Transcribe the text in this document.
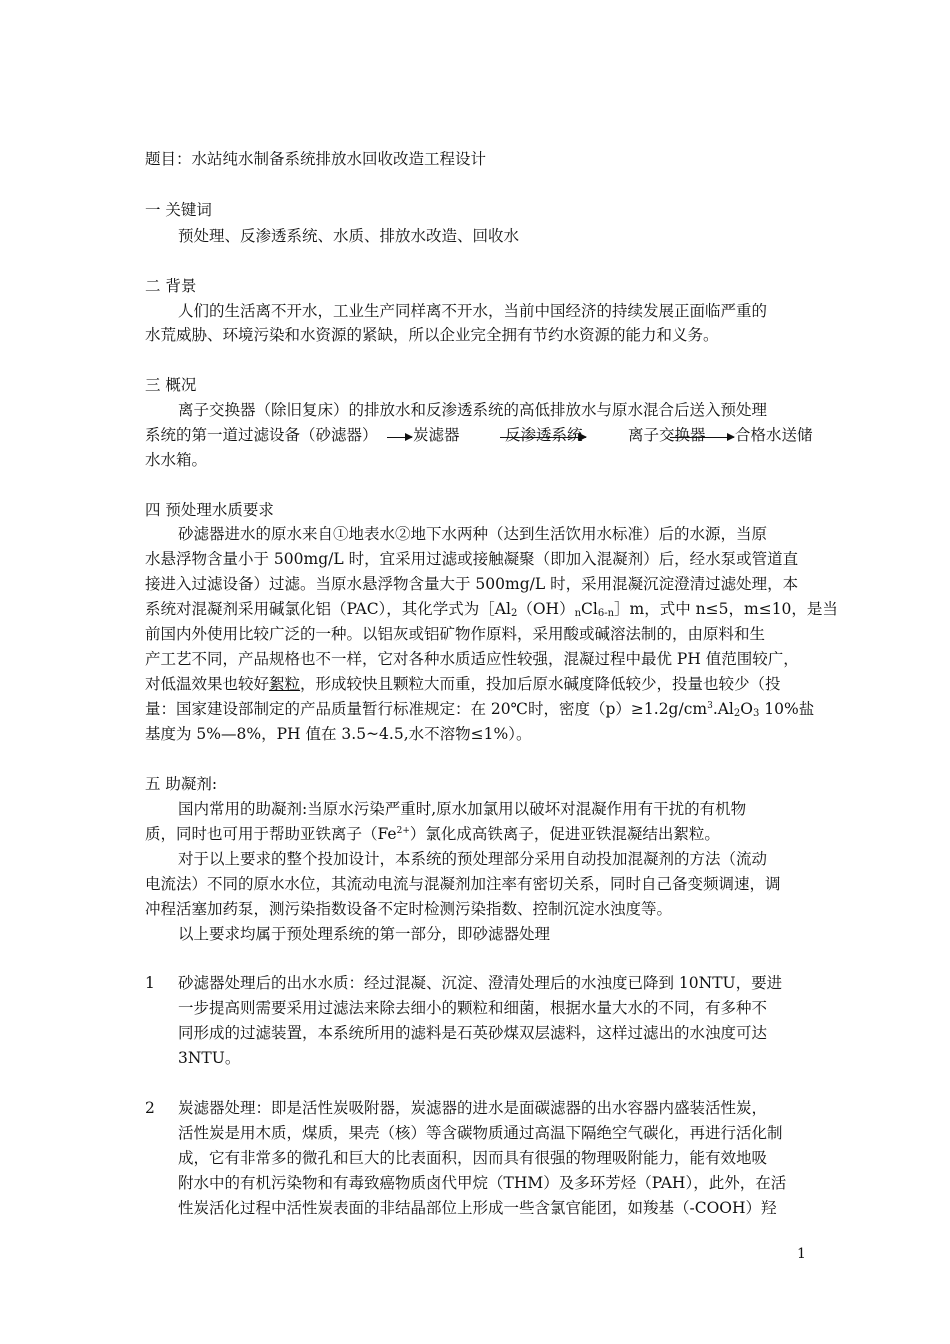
题目：水站纯水制备系统排放水回收改造工程设计
一 关键词
预处理、反渗透系统、水质、排放水改造、回收水
二 背景
人们的生活离不开水，工业生产同样离不开水，当前中国经济的持续发展正面临严重的
水荒威胁、环境污染和水资源的紧缺，所以企业完全拥有节约水资源的能力和义务。
三 概况
离子交换器（除旧复床）的排放水和反渗透系统的高低排放水与原水混合后送入预处理
系统的第一道过滤设备（砂滤器） 炭滤器	反渗透系统	离子交换器 合格水送储
水水箱。
四 预处理水质要求
砂滤器进水的原水来自①地表水②地下水两种（达到生活饮用水标准）后的水源，当原
水悬浮物含量小于 500mg/L 时，宜采用过滤或接触凝聚（即加入混凝剂）后，经水泵或管道直
接进入过滤设备）过滤。当原水悬浮物含量大于 500mg/L 时，采用混凝沉淀澄清过滤处理，本
系统对混凝剂采用碱氯化铝（PAC），其化学式为$[Al_2(OH)_nCl_{6-n}]m$，式中 n≤5，m≤10，是当
前国内外使用比较广泛的一种。以铝灰或铝矿物作原料，采用酸或碱溶法制的，由原料和生
产工艺不同，产品规格也不一样，它对各种水质适应性较强，混凝过程中最优 PH 值范围较广，
对低温效果也较好絮粒，形成较快且颗粒大而重，投加后原水碱度降低较少，投量也较少（投
量：国家建设部制定的产品质量暂行标准规定：在 20℃时，密度$(p)\ge 1.2g/cm^3.Al_2O_3$ 10%盐
基度为 5%—8%，PH 值在 3.5~4.5,水不溶物≤1%）。
五 助凝剂:
国内常用的助凝剂:当原水污染严重时,原水加氯用以破坏对混凝作用有干扰的有机物
质，同时也可用于帮助亚铁离子$(Fe^{2+})$氯化成高铁离子，促进亚铁混凝结出絮粒。
对于以上要求的整个投加设计，本系统的预处理部分采用自动投加混凝剂的方法（流动
电流法）不同的原水水位，其流动电流与混凝剂加注率有密切关系，同时自己备变频调速，调
冲程活塞加药泵，测污染指数设备不定时检测污染指数、控制沉淀水浊度等。
以上要求均属于预处理系统的第一部分，即砂滤器处理
1 砂滤器处理后的出水水质：经过混凝、沉淀、澄清处理后的水浊度已降到 10NTU，要进
一步提高则需要采用过滤法来除去细小的颗粒和细菌，根据水量大水的不同，有多种不
同形成的过滤装置，本系统所用的滤料是石英砂煤双层滤料，这样过滤出的水浊度可达
3NTU。
2 炭滤器处理：即是活性炭吸附器，炭滤器的进水是面碳滤器的出水容器内盛装活性炭，
活性炭是用木质，煤质，果壳（核）等含碳物质通过高温下隔绝空气碳化，再进行活化制
成，它有非常多的微孔和巨大的比表面积，因而具有很强的物理吸附能力，能有效地吸
附水中的有机污染物和有毒致癌物质卤代甲烷（THM）及多环芳烃（PAH），此外，在活
性炭活化过程中活性炭表面的非结晶部位上形成一些含氯官能团，如羧基（-COOH）羟
1
